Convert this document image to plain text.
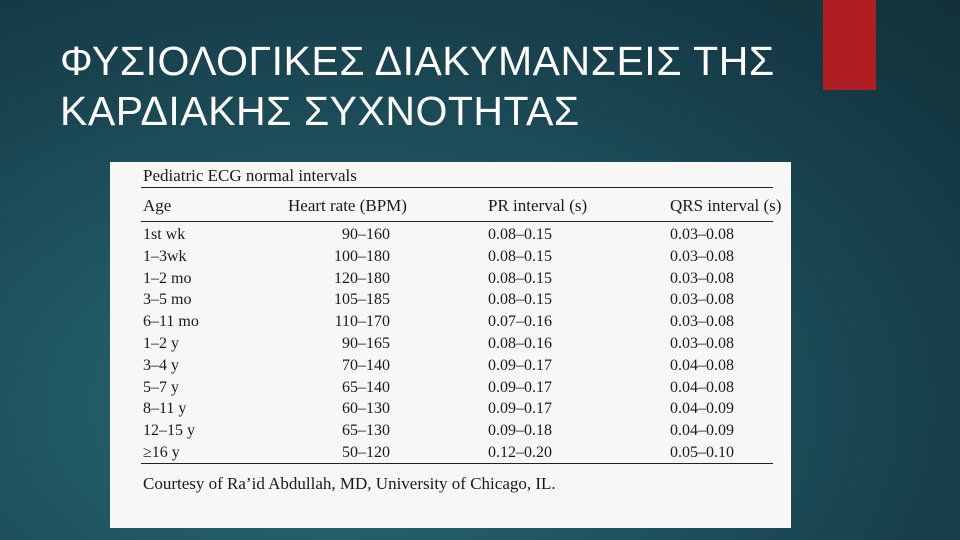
ΦΥΣΙΟΛΟΓΙΚΕΣ ΔΙΑΚΥΜΑΝΣΕΙΣ ΤΗΣ
ΚΑΡΔΙΑΚΗΣ ΣΥΧΝΟΤΗΤΑΣ
Pediatric ECG normal intervals
Age	Heart rate (BPM)	PR interval (s)	QRS interval (s)
1st wk	90–160	0.08–0.15	0.03–0.08
1–3wk	100–180	0.08–0.15	0.03–0.08
1–2 mo	120–180	0.08–0.15	0.03–0.08
3–5 mo	105–185	0.08–0.15	0.03–0.08
6–11 mo	110–170	0.07–0.16	0.03–0.08
1–2 y	90–165	0.08–0.16	0.03–0.08
3–4 y	70–140	0.09–0.17	0.04–0.08
5–7 y	65–140	0.09–0.17	0.04–0.08
8–11 y	60–130	0.09–0.17	0.04–0.09
12–15 y	65–130	0.09–0.18	0.04–0.09
≥16 y	50–120	0.12–0.20	0.05–0.10
Courtesy of Ra’id Abdullah, MD, University of Chicago, IL.
